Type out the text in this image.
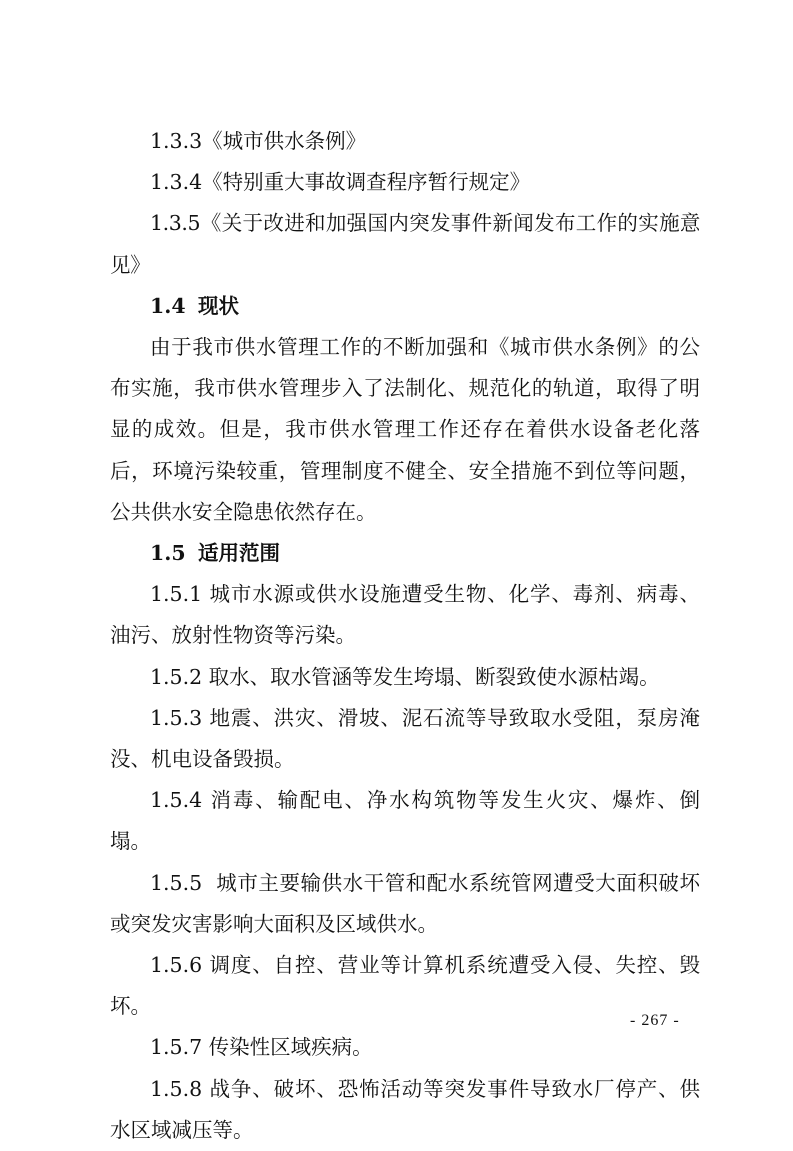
1.3.3《城市供水条例》

1.3.4《特别重大事故调查程序暂行规定》

1.3.5《关于改进和加强国内突发事件新闻发布工作的实施意见》

1.4 现状

由于我市供水管理工作的不断加强和《城市供水条例》的公布实施，我市供水管理步入了法制化、规范化的轨道，取得了明显的成效。但是，我市供水管理工作还存在着供水设备老化落后，环境污染较重，管理制度不健全、安全措施不到位等问题，公共供水安全隐患依然存在。

1.5 适用范围

1.5.1 城市水源或供水设施遭受生物、化学、毒剂、病毒、油污、放射性物资等污染。

1.5.2 取水、取水管涵等发生垮塌、断裂致使水源枯竭。

1.5.3 地震、洪灾、滑坡、泥石流等导致取水受阻，泵房淹没、机电设备毁损。

1.5.4 消毒、输配电、净水构筑物等发生火灾、爆炸、倒塌。

1.5.5  城市主要输供水干管和配水系统管网遭受大面积破坏或突发灾害影响大面积及区域供水。

1.5.6 调度、自控、营业等计算机系统遭受入侵、失控、毁坏。

1.5.7 传染性区域疾病。

1.5.8 战争、破坏、恐怖活动等突发事件导致水厂停产、供水区域减压等。

- 267 -
